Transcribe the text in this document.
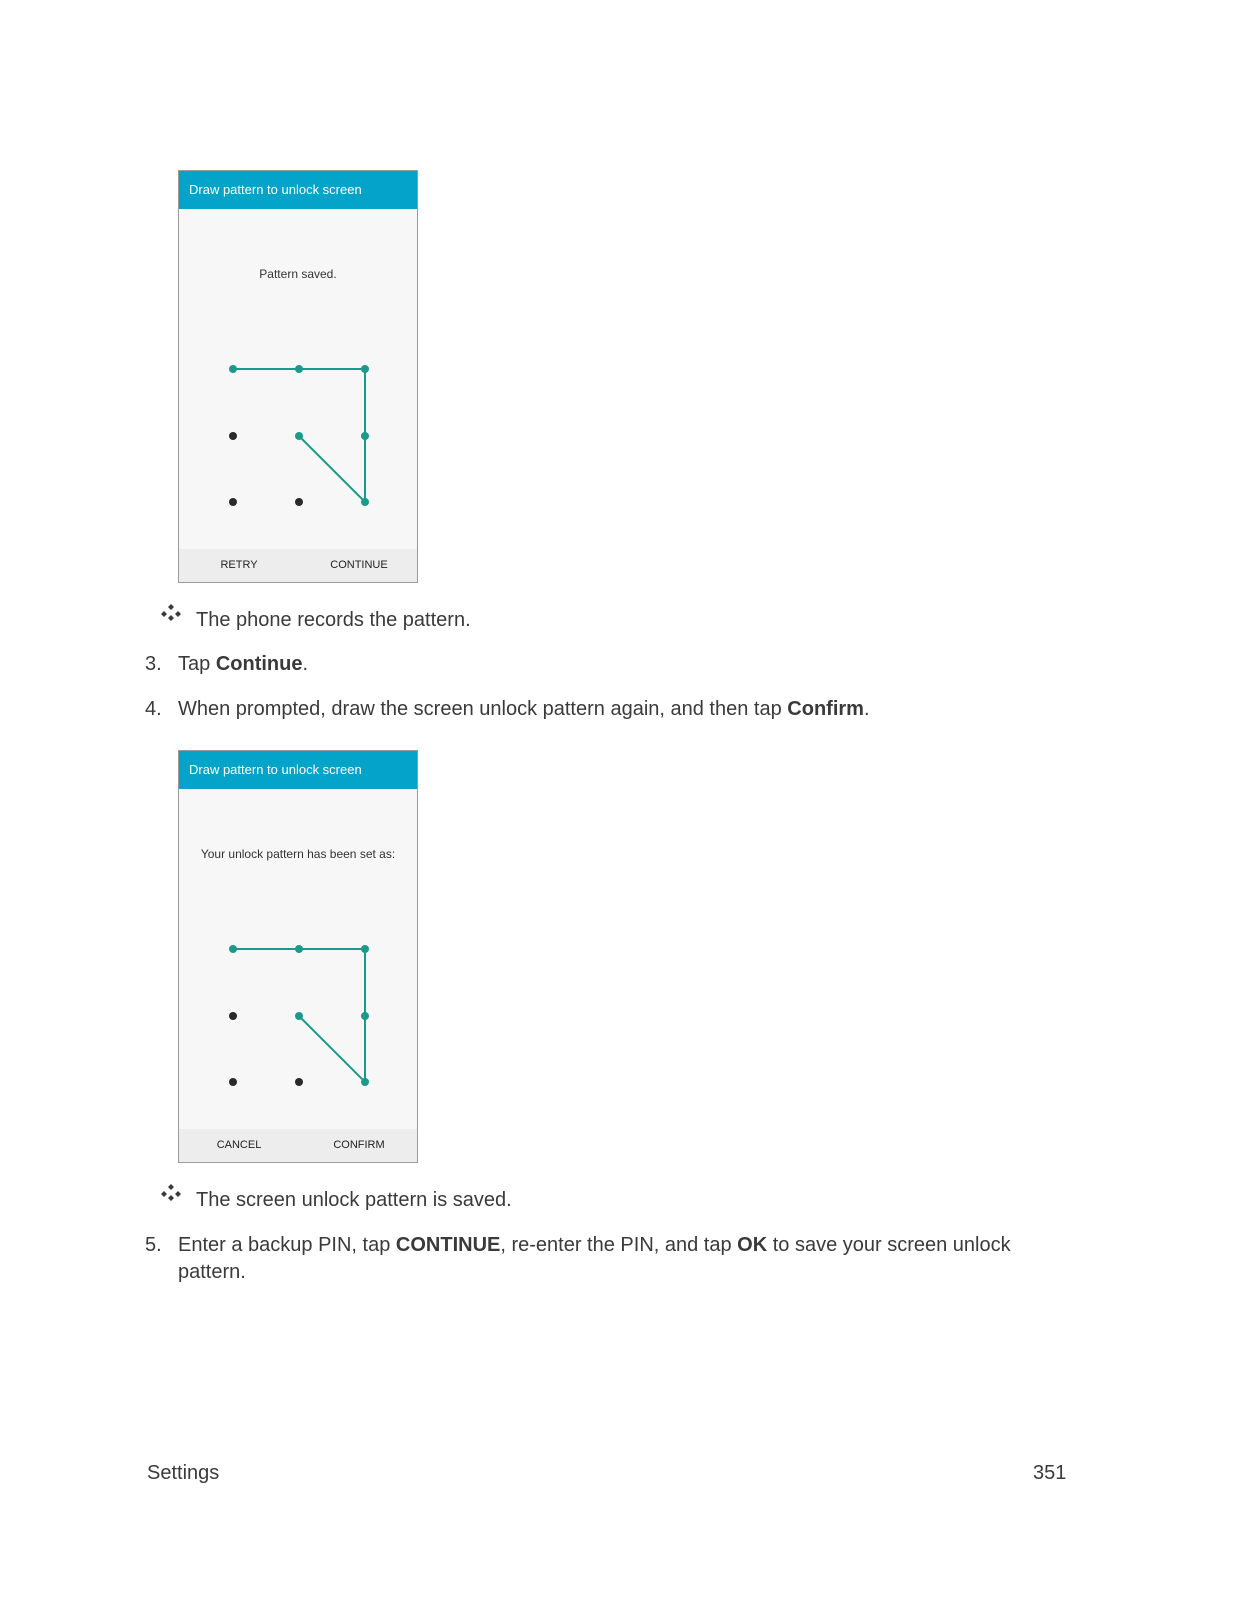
Draw pattern to unlock screen
Pattern saved.
RETRY	CONTINUE
The phone records the pattern.
3. Tap Continue.
4. When prompted, draw the screen unlock pattern again, and then tap Confirm.
Draw pattern to unlock screen
Your unlock pattern has been set as:
CANCEL	CONFIRM
The screen unlock pattern is saved.
5. Enter a backup PIN, tap CONTINUE, re-enter the PIN, and tap OK to save your screen unlock pattern.
Settings	351
